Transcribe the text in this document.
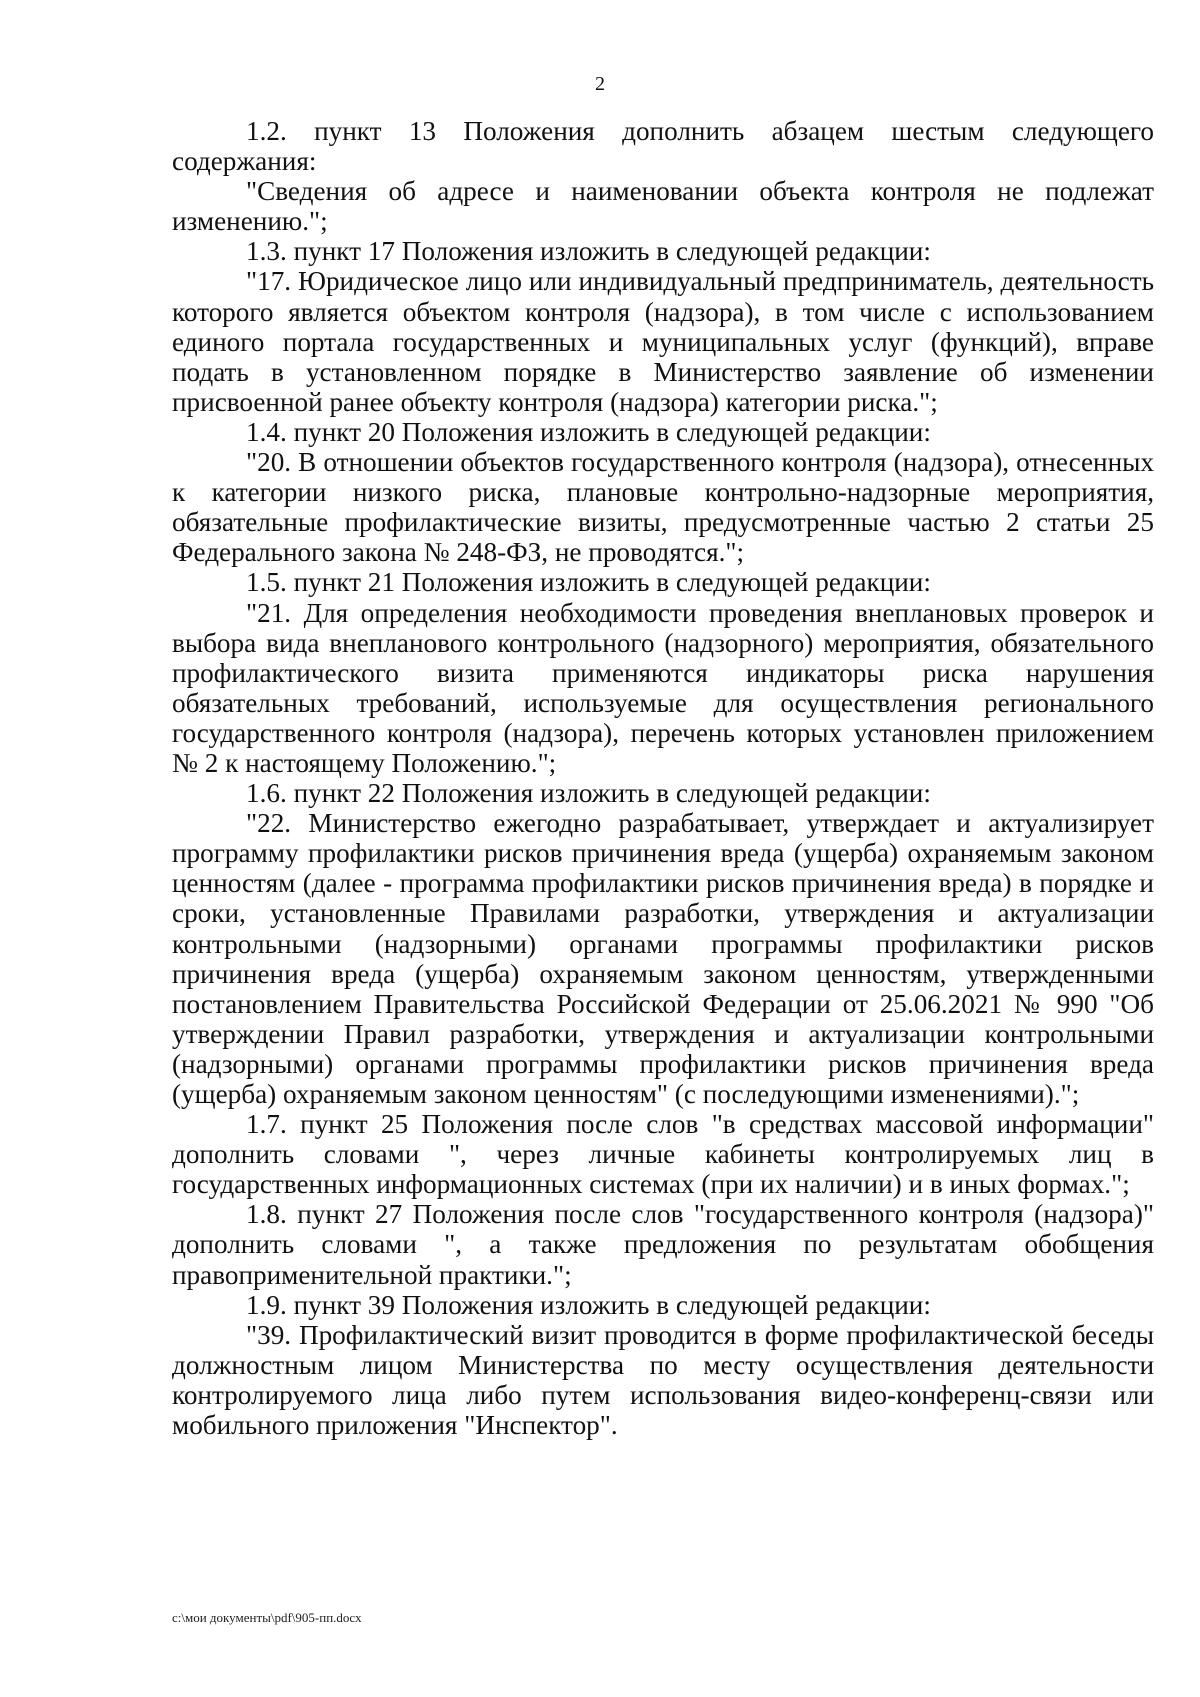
2

1.2. пункт 13 Положения дополнить абзацем шестым следующего содержания:

"Сведения об адресе и наименовании объекта контроля не подлежат изменению.";

1.3. пункт 17 Положения изложить в следующей редакции:

"17. Юридическое лицо или индивидуальный предприниматель, деятельность которого является объектом контроля (надзора), в том числе с использованием единого портала государственных и муниципальных услуг (функций), вправе подать в установленном порядке в Министерство заявление об изменении присвоенной ранее объекту контроля (надзора) категории риска.";

1.4. пункт 20 Положения изложить в следующей редакции:

"20. В отношении объектов государственного контроля (надзора), отнесенных к категории низкого риска, плановые контрольно-надзорные мероприятия, обязательные профилактические визиты, предусмотренные частью 2 статьи 25 Федерального закона № 248-ФЗ, не проводятся.";

1.5. пункт 21 Положения изложить в следующей редакции:

"21. Для определения необходимости проведения внеплановых проверок и выбора вида внепланового контрольного (надзорного) мероприятия, обязательного профилактического визита применяются индикаторы риска нарушения обязательных требований, используемые для осуществления регионального государственного контроля (надзора), перечень которых установлен приложением № 2 к настоящему Положению.";

1.6. пункт 22 Положения изложить в следующей редакции:

"22. Министерство ежегодно разрабатывает, утверждает и актуализирует программу профилактики рисков причинения вреда (ущерба) охраняемым законом ценностям (далее - программа профилактики рисков причинения вреда) в порядке и сроки, установленные Правилами разработки, утверждения и актуализации контрольными (надзорными) органами программы профилактики рисков причинения вреда (ущерба) охраняемым законом ценностям, утвержденными постановлением Правительства Российской Федерации от 25.06.2021 № 990 "Об утверждении Правил разработки, утверждения и актуализации контрольными (надзорными) органами программы профилактики рисков причинения вреда (ущерба) охраняемым законом ценностям" (с последующими изменениями).";

1.7. пункт 25 Положения после слов "в средствах массовой информации" дополнить словами ", через личные кабинеты контролируемых лиц в государственных информационных системах (при их наличии) и в иных формах.";

1.8. пункт 27 Положения после слов "государственного контроля (надзора)" дополнить словами ", а также предложения по результатам обобщения правоприменительной практики.";

1.9. пункт 39 Положения изложить в следующей редакции:

"39. Профилактический визит проводится в форме профилактической беседы должностным лицом Министерства по месту осуществления деятельности контролируемого лица либо путем использования видео-конференц-связи или мобильного приложения "Инспектор".

c:\мои документы\pdf\905-пп.docx
